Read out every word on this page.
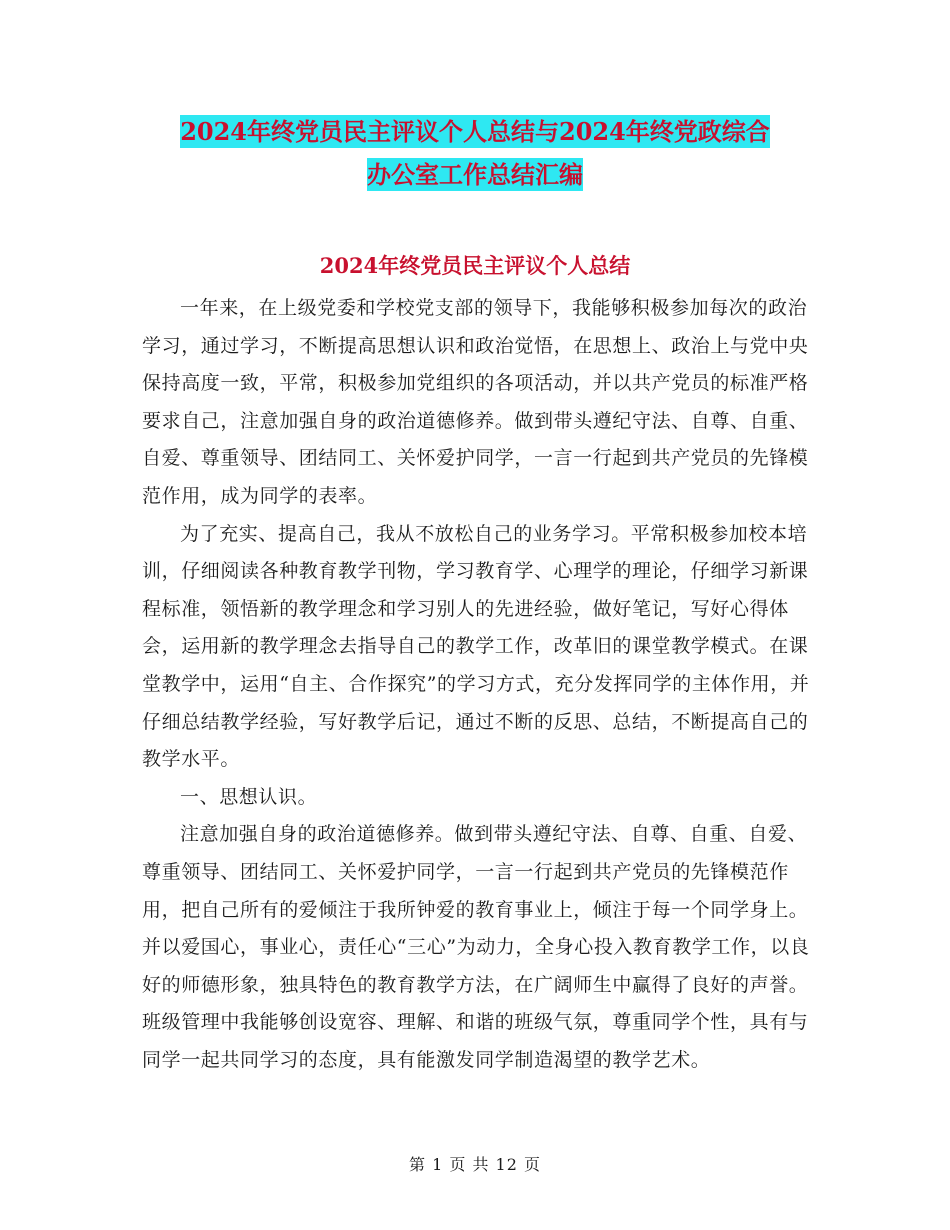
2024年终党员民主评议个人总结与2024年终党政综合
办公室工作总结汇编
2024年终党员民主评议个人总结

一年来，在上级党委和学校党支部的领导下，我能够积极参加每次的政治学习，通过学习，不断提高思想认识和政治觉悟，在思想上、政治上与党中央保持高度一致，平常，积极参加党组织的各项活动，并以共产党员的标准严格要求自己，注意加强自身的政治道德修养。做到带头遵纪守法、自尊、自重、自爱、尊重领导、团结同工、关怀爱护同学，一言一行起到共产党员的先锋模范作用，成为同学的表率。

为了充实、提高自己，我从不放松自己的业务学习。平常积极参加校本培训，仔细阅读各种教育教学刊物，学习教育学、心理学的理论，仔细学习新课程标准，领悟新的教学理念和学习别人的先进经验，做好笔记，写好心得体会，运用新的教学理念去指导自己的教学工作，改革旧的课堂教学模式。在课堂教学中，运用“自主、合作探究”的学习方式，充分发挥同学的主体作用，并仔细总结教学经验，写好教学后记，通过不断的反思、总结，不断提高自己的教学水平。

一、思想认识。

注意加强自身的政治道德修养。做到带头遵纪守法、自尊、自重、自爱、尊重领导、团结同工、关怀爱护同学，一言一行起到共产党员的先锋模范作用，把自己所有的爱倾注于我所钟爱的教育事业上，倾注于每一个同学身上。并以爱国心，事业心，责任心“三心”为动力，全身心投入教育教学工作，以良好的师德形象，独具特色的教育教学方法，在广阔师生中赢得了良好的声誉。班级管理中我能够创设宽容、理解、和谐的班级气氛，尊重同学个性，具有与同学一起共同学习的态度，具有能激发同学制造渴望的教学艺术。

第 1 页 共 12 页
